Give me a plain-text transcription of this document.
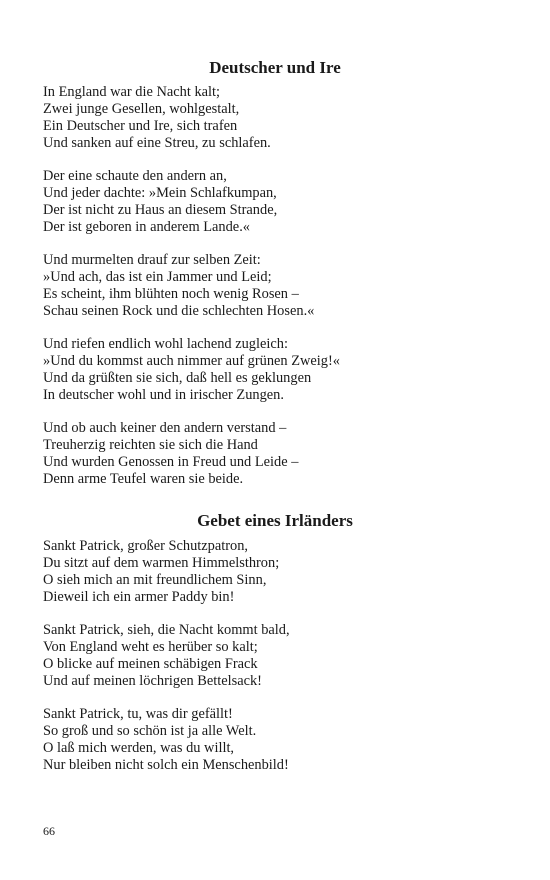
Deutscher und Ire
In England war die Nacht kalt;
Zwei junge Gesellen, wohlgestalt,
Ein Deutscher und Ire, sich trafen
Und sanken auf eine Streu, zu schlafen.
Der eine schaute den andern an,
Und jeder dachte: »Mein Schlafkumpan,
Der ist nicht zu Haus an diesem Strande,
Der ist geboren in anderem Lande.«
Und murmelten drauf zur selben Zeit:
»Und ach, das ist ein Jammer und Leid;
Es scheint, ihm blühten noch wenig Rosen –
Schau seinen Rock und die schlechten Hosen.«
Und riefen endlich wohl lachend zugleich:
»Und du kommst auch nimmer auf grünen Zweig!«
Und da grüßten sie sich, daß hell es geklungen
In deutscher wohl und in irischer Zungen.
Und ob auch keiner den andern verstand –
Treuherzig reichten sie sich die Hand
Und wurden Genossen in Freud und Leide –
Denn arme Teufel waren sie beide.
Gebet eines Irländers
Sankt Patrick, großer Schutzpatron,
Du sitzt auf dem warmen Himmelsthron;
O sieh mich an mit freundlichem Sinn,
Dieweil ich ein armer Paddy bin!
Sankt Patrick, sieh, die Nacht kommt bald,
Von England weht es herüber so kalt;
O blicke auf meinen schäbigen Frack
Und auf meinen löchrigen Bettelsack!
Sankt Patrick, tu, was dir gefällt!
So groß und so schön ist ja alle Welt.
O laß mich werden, was du willt,
Nur bleiben nicht solch ein Menschenbild!
66
